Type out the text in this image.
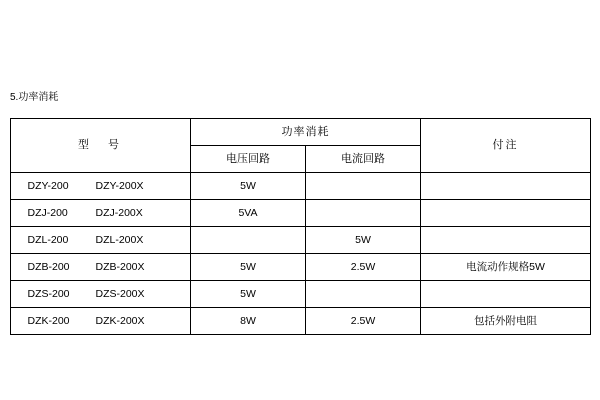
5.功率消耗
型　号	功率消耗		付注
	电压回路	电流回路	
DZY-200 DZY-200X	5W		
DZJ-200 DZJ-200X	5VA		
DZL-200 DZL-200X		5W	
DZB-200 DZB-200X	5W	2.5W	电流动作规格5W
DZS-200 DZS-200X	5W		
DZK-200 DZK-200X	8W	2.5W	包括外附电阻
